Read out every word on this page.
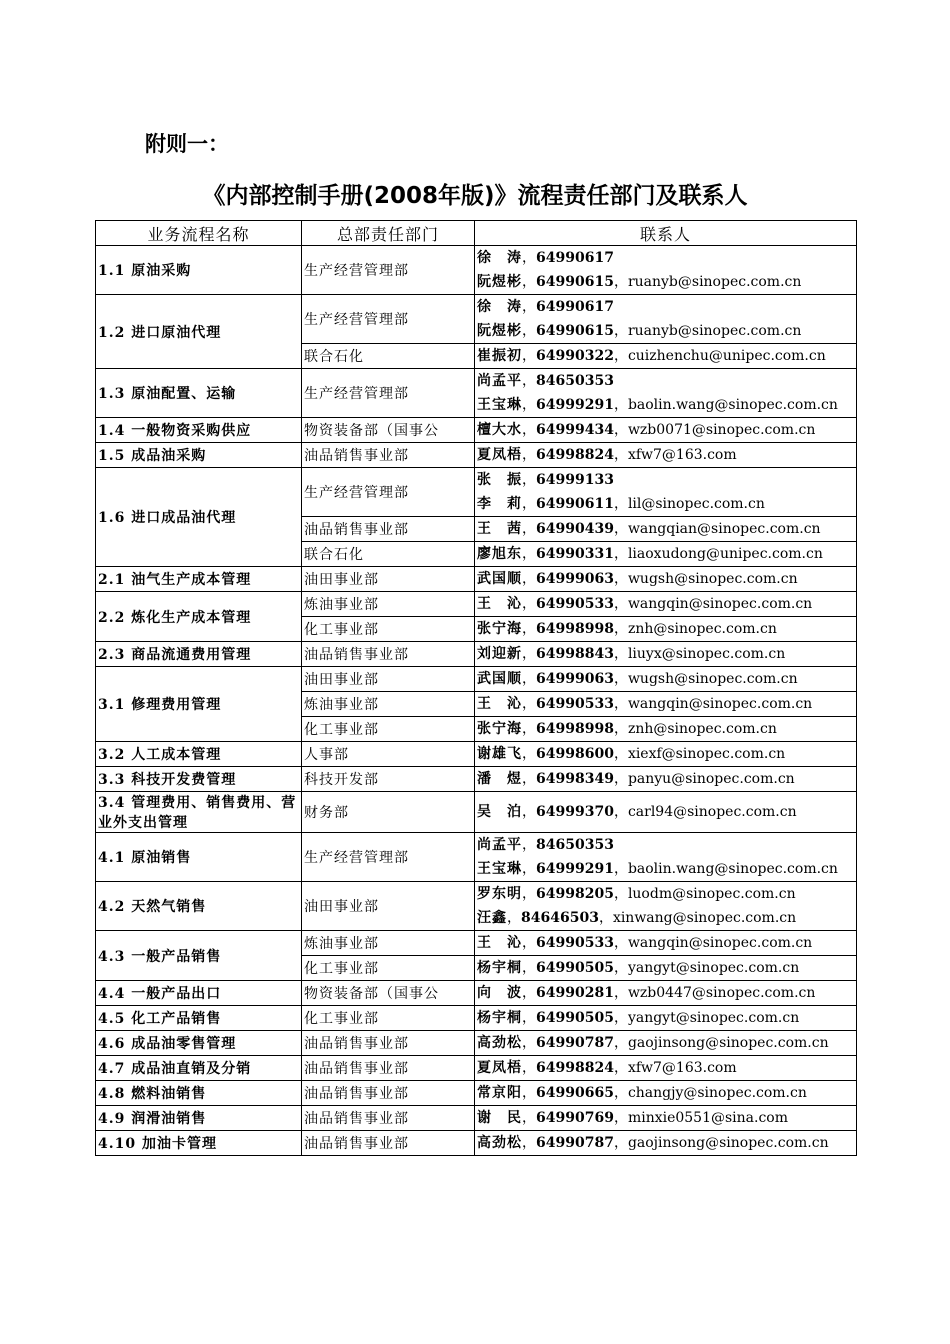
附则一：
《内部控制手册(2008年版)》流程责任部门及联系人
业务流程名称	总部责任部门	联系人
1.1 原油采购	生产经营管理部	徐　涛，64990617
阮煜彬，64990615，ruanyb@sinopec.com.cn

1.2 进口原油代理	生产经营管理部	徐　涛，64990617
阮煜彬，64990615，ruanyb@sinopec.com.cn

	联合石化	崔振初，64990322，cuizhenchu@unipec.com.cn

1.3 原油配置、运输	生产经营管理部	尚孟平，84650353
王宝琳，64999291，baolin.wang@sinopec.com.cn

1.4 一般物资采购供应	物资装备部（国事公	檀大水，64999434，wzb0071@sinopec.com.cn

1.5 成品油采购	油品销售事业部	夏凤梧，64998824，xfw7@163.com

1.6 进口成品油代理	生产经营管理部	张　振，64999133
李　莉，64990611，lil@sinopec.com.cn

	油品销售事业部	王　茜，64990439，wangqian@sinopec.com.cn

	联合石化	廖旭东，64990331，liaoxudong@unipec.com.cn

2.1 油气生产成本管理	油田事业部	武国顺，64999063，wugsh@sinopec.com.cn

2.2 炼化生产成本管理	炼油事业部	王　沁，64990533，wangqin@sinopec.com.cn

	化工事业部	张宁海，64998998，znh@sinopec.com.cn

2.3 商品流通费用管理	油品销售事业部	刘迎新，64998843，liuyx@sinopec.com.cn

3.1 修理费用管理	油田事业部	武国顺，64999063，wugsh@sinopec.com.cn

	炼油事业部	王　沁，64990533，wangqin@sinopec.com.cn

	化工事业部	张宁海，64998998，znh@sinopec.com.cn

3.2 人工成本管理	人事部	谢雄飞，64998600，xiexf@sinopec.com.cn

3.3 科技开发费管理	科技开发部	潘　煜，64998349，panyu@sinopec.com.cn

3.4 管理费用、销售费用、营业外支出管理	财务部	吴　泊，64999370，carl94@sinopec.com.cn

4.1 原油销售	生产经营管理部	尚孟平，84650353
王宝琳，64999291，baolin.wang@sinopec.com.cn

4.2 天然气销售	油田事业部	罗东明，64998205，luodm@sinopec.com.cn
汪鑫，84646503，xinwang@sinopec.com.cn

4.3 一般产品销售	炼油事业部	王　沁，64990533，wangqin@sinopec.com.cn

	化工事业部	杨宇桐，64990505，yangyt@sinopec.com.cn

4.4 一般产品出口	物资装备部（国事公	向　波，64990281，wzb0447@sinopec.com.cn

4.5 化工产品销售	化工事业部	杨宇桐，64990505，yangyt@sinopec.com.cn

4.6 成品油零售管理	油品销售事业部	高劲松，64990787，gaojinsong@sinopec.com.cn

4.7 成品油直销及分销	油品销售事业部	夏凤梧，64998824，xfw7@163.com

4.8 燃料油销售	油品销售事业部	常京阳，64990665，changjy@sinopec.com.cn

4.9 润滑油销售	油品销售事业部	谢　民，64990769，minxie0551@sina.com

4.10 加油卡管理	油品销售事业部	高劲松，64990787，gaojinsong@sinopec.com.cn
